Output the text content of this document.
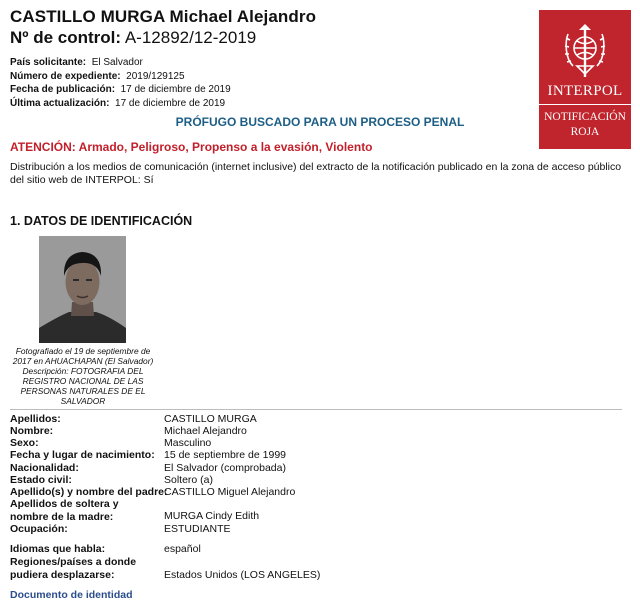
CASTILLO MURGA Michael Alejandro
Nº de control: A-12892/12-2019
País solicitante: El Salvador
Número de expediente: 2019/129125
Fecha de publicación: 17 de diciembre de 2019
Última actualización: 17 de diciembre de 2019
INTERPOL
NOTIFICACIÓN
ROJA
PRÓFUGO BUSCADO PARA UN PROCESO PENAL
ATENCIÓN: Armado, Peligroso, Propenso a la evasión, Violento
Distribución a los medios de comunicación (internet inclusive) del extracto de la notificación publicado en la zona de acceso público del sitio web de INTERPOL: Sí
1. DATOS DE IDENTIFICACIÓN
Fotografiado el 19 de septiembre de 2017 en AHUACHAPAN (El Salvador) Descripción: FOTOGRAFIA DEL REGISTRO NACIONAL DE LAS PERSONAS NATURALES DE EL SALVADOR
Apellidos:	CASTILLO MURGA
Nombre:	Michael Alejandro
Sexo:	Masculino
Fecha y lugar de nacimiento: 15 de septiembre de 1999
Nacionalidad:	El Salvador (comprobada)
Estado civil:	Soltero (a)
Apellido(s) y nombre del padre:
CASTILLO Miguel Alejandro
Apellidos de soltera y nombre de la madre:	MURGA Cindy Edith
Ocupación:	ESTUDIANTE
Idiomas que habla:	español
Regiones/países a donde pudiera desplazarse:	Estados Unidos (LOS ANGELES)
Documento de identidad
